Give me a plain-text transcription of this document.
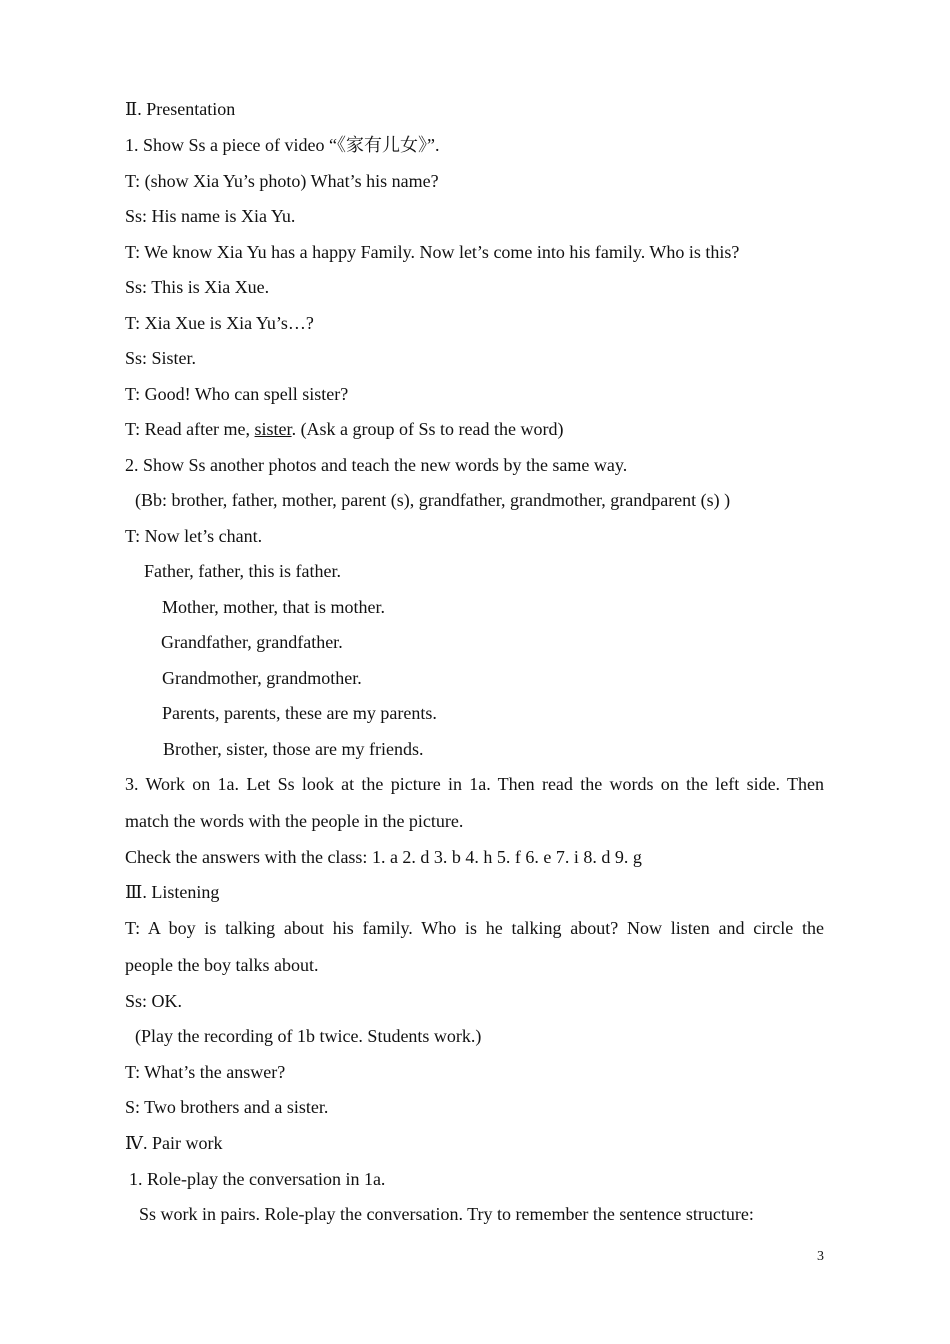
Ⅱ. Presentation
1. Show Ss a piece of video “《家有儿女》”.
T: (show Xia Yu’s photo) What’s his name?
Ss: His name is Xia Yu.
T: We know Xia Yu has a happy Family. Now let’s come into his family. Who is this?
Ss: This is Xia Xue.
T: Xia Xue is Xia Yu’s…?
Ss: Sister.
T: Good! Who can spell sister?
T: Read after me, sister. (Ask a group of Ss to read the word)
2. Show Ss another photos and teach the new words by the same way.
(Bb: brother, father, mother, parent (s), grandfather, grandmother, grandparent (s) )
T: Now let’s chant.
Father, father, this is father.
Mother, mother, that is mother.
Grandfather, grandfather.
Grandmother, grandmother.
Parents, parents, these are my parents.
Brother, sister, those are my friends.
3. Work on 1a. Let Ss look at the picture in 1a. Then read the words on the left side. Then
match the words with the people in the picture.
Check the answers with the class: 1. a 2. d 3. b 4. h 5. f 6. e 7. i 8. d 9. g
Ⅲ. Listening
T: A boy is talking about his family. Who is he talking about? Now listen and circle the
people the boy talks about.
Ss: OK.
(Play the recording of 1b twice. Students work.)
T: What’s the answer?
S: Two brothers and a sister.
Ⅳ. Pair work
1. Role-play the conversation in 1a.
Ss work in pairs. Role-play the conversation. Try to remember the sentence structure:
3
